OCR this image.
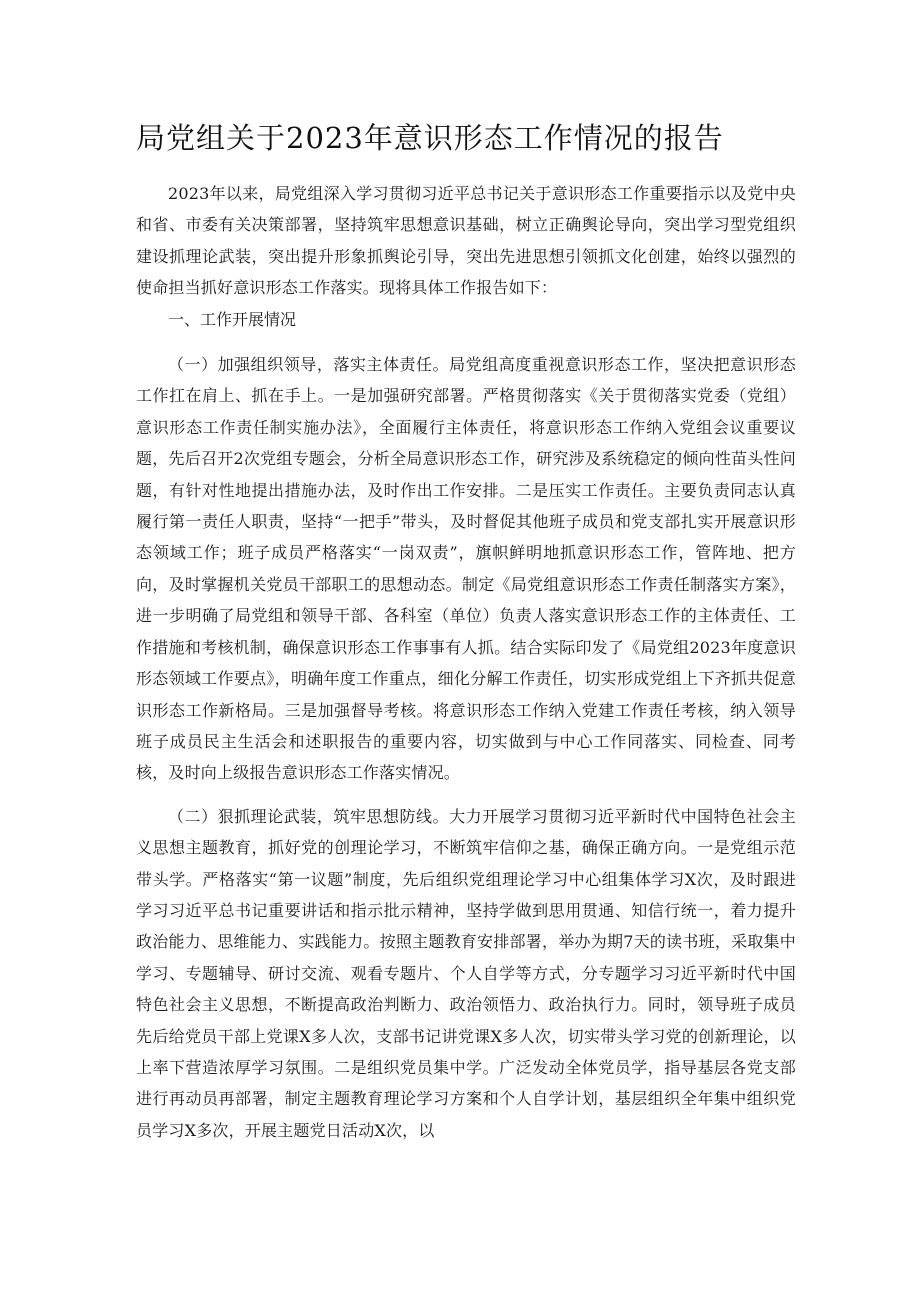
局党组关于2023年意识形态工作情况的报告

2023年以来，局党组深入学习贯彻习近平总书记关于意识形态工作重要指示以及党中央和省、市委有关决策部署，坚持筑牢思想意识基础，树立正确舆论导向，突出学习型党组织建设抓理论武装，突出提升形象抓舆论引导，突出先进思想引领抓文化创建，始终以强烈的使命担当抓好意识形态工作落实。现将具体工作报告如下：

一、工作开展情况

（一）加强组织领导，落实主体责任。局党组高度重视意识形态工作，坚决把意识形态工作扛在肩上、抓在手上。一是加强研究部署。严格贯彻落实《关于贯彻落实党委（党组）意识形态工作责任制实施办法》，全面履行主体责任，将意识形态工作纳入党组会议重要议题，先后召开2次党组专题会，分析全局意识形态工作，研究涉及系统稳定的倾向性苗头性问题，有针对性地提出措施办法，及时作出工作安排。二是压实工作责任。主要负责同志认真履行第一责任人职责，坚持“一把手”带头，及时督促其他班子成员和党支部扎实开展意识形态领域工作；班子成员严格落实“一岗双责”，旗帜鲜明地抓意识形态工作，管阵地、把方向，及时掌握机关党员干部职工的思想动态。制定《局党组意识形态工作责任制落实方案》，进一步明确了局党组和领导干部、各科室（单位）负责人落实意识形态工作的主体责任、工作措施和考核机制，确保意识形态工作事事有人抓。结合实际印发了《局党组2023年度意识形态领域工作要点》，明确年度工作重点，细化分解工作责任，切实形成党组上下齐抓共促意识形态工作新格局。三是加强督导考核。将意识形态工作纳入党建工作责任考核，纳入领导班子成员民主生活会和述职报告的重要内容，切实做到与中心工作同落实、同检查、同考核，及时向上级报告意识形态工作落实情况。

（二）狠抓理论武装，筑牢思想防线。大力开展学习贯彻习近平新时代中国特色社会主义思想主题教育，抓好党的创理论学习，不断筑牢信仰之基，确保正确方向。一是党组示范带头学。严格落实“第一议题”制度，先后组织党组理论学习中心组集体学习X次，及时跟进学习习近平总书记重要讲话和指示批示精神，坚持学做到思用贯通、知信行统一，着力提升政治能力、思维能力、实践能力。按照主题教育安排部署，举办为期7天的读书班，采取集中学习、专题辅导、研讨交流、观看专题片、个人自学等方式，分专题学习习近平新时代中国特色社会主义思想，不断提高政治判断力、政治领悟力、政治执行力。同时，领导班子成员先后给党员干部上党课X多人次，支部书记讲党课X多人次，切实带头学习党的创新理论，以上率下营造浓厚学习氛围。二是组织党员集中学。广泛发动全体党员学，指导基层各党支部进行再动员再部署，制定主题教育理论学习方案和个人自学计划，基层组织全年集中组织党员学习X多次，开展主题党日活动X次，以
